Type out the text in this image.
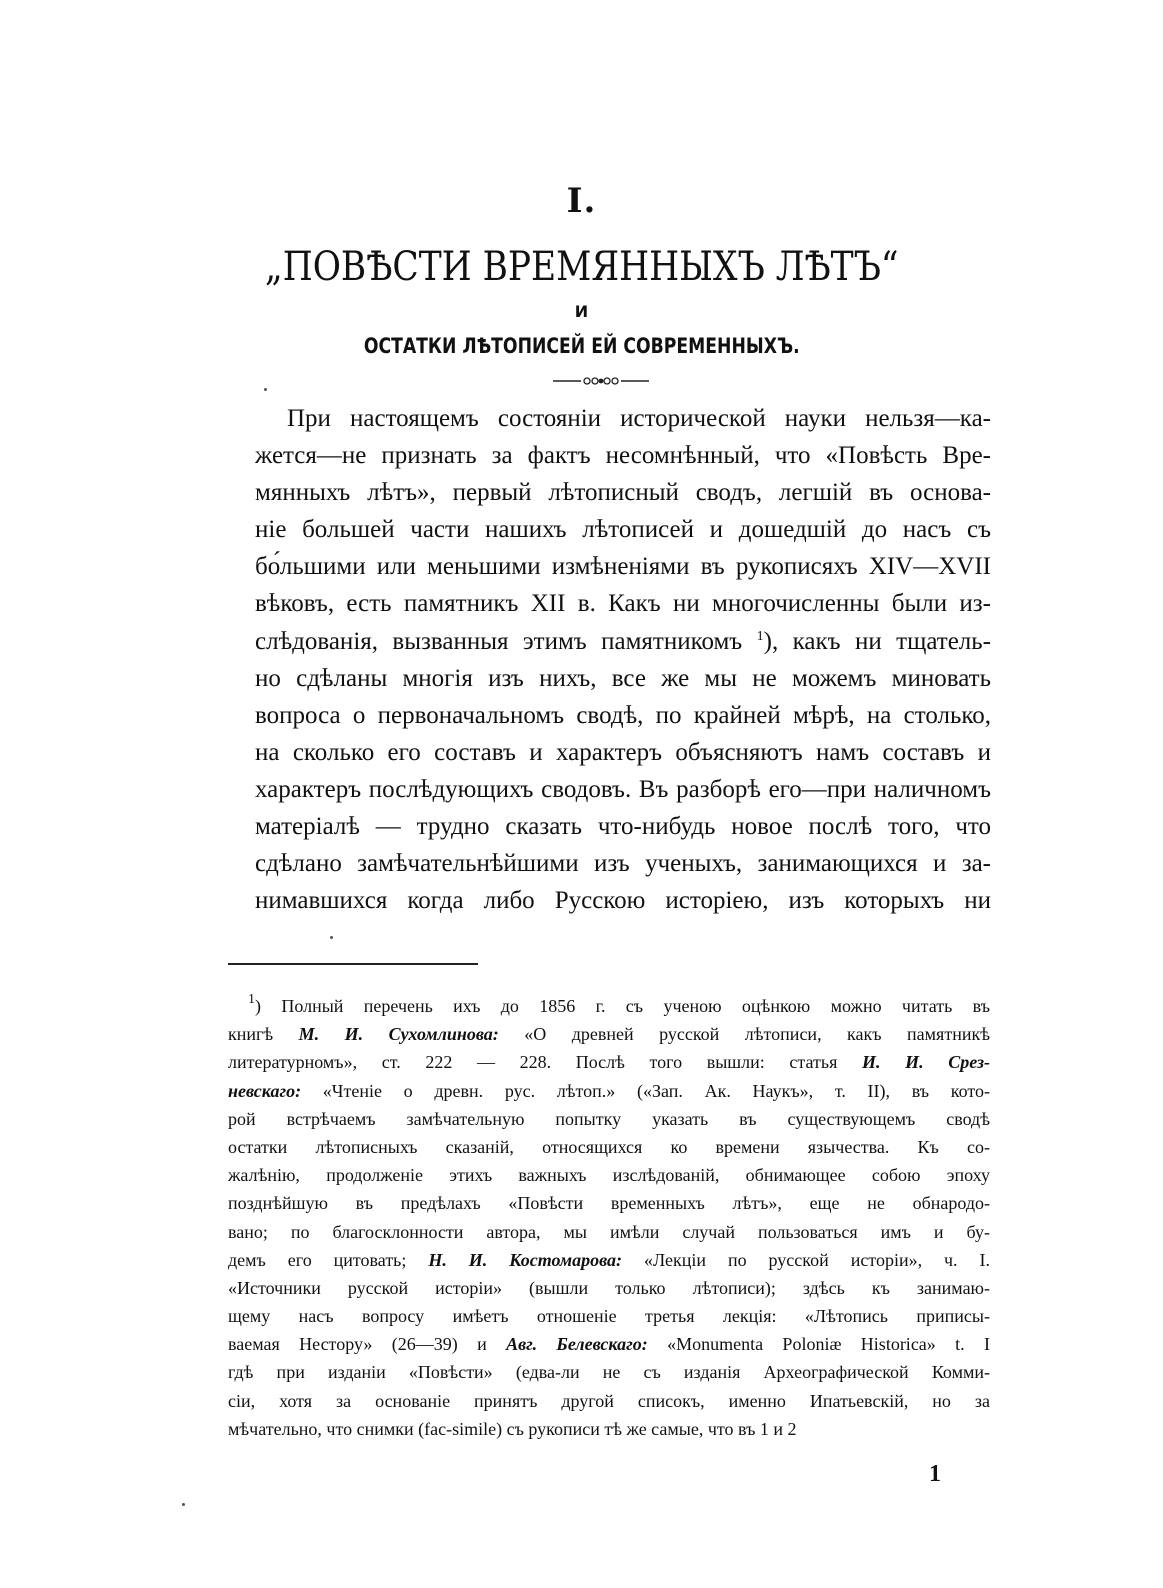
I.
„ПОВѢСТИ ВРЕМЯННЫХЪ ЛѢТЪ“
И
ОСТАТКИ ЛѢТОПИСЕЙ ЕЙ СОВРЕМЕННЫХЪ.
При настоящемъ состояніи исторической науки нельзя—ка-
жется—не признать за фактъ несомнѣнный, что «Повѣсть Вре-
мянныхъ лѣтъ», первый лѣтописный сводъ, легшій въ основа-
ніе большей части нашихъ лѣтописей и дошедшій до насъ съ
бо́льшими или меньшими измѣненіями въ рукописяхъ XIV—XVII
вѣковъ, есть памятникъ XII в. Какъ ни многочисленны были из-
слѣдованія, вызванныя этимъ памятникомъ $^1$), какъ ни тщатель-
но сдѣланы многія изъ нихъ, все же мы не можемъ миновать
вопроса о первоначальномъ сводѣ, по крайней мѣрѣ, на столько,
на сколько его составъ и характеръ объясняютъ намъ составъ и
характеръ послѣдующихъ сводовъ. Въ разборѣ его—при наличномъ
матеріалѣ — трудно сказать что-нибудь новое послѣ того, что
сдѣлано замѣчательнѣйшими изъ ученыхъ, занимающихся и за-
нимавшихся когда либо Русскою исторіею, изъ которыхъ ни
$^1$) Полный перечень ихъ до 1856 г. съ ученою оцѣнкою можно читать въ
книгѣ М. И. Сухомлинова: «О древней русской лѣтописи, какъ памятникѣ
литературномъ», ст. 222 — 228. Послѣ того вышли: статья И. И. Срез-
невскаго: «Чтеніе о древн. рус. лѣтоп.» («Зап. Ак. Наукъ», т. II), въ кото-
рой встрѣчаемъ замѣчательную попытку указать въ существующемъ сводѣ
остатки лѣтописныхъ сказаній, относящихся ко времени язычества. Къ со-
жалѣнію, продолженіе этихъ важныхъ изслѣдованій, обнимающее собою эпоху
позднѣйшую въ предѣлахъ «Повѣсти временныхъ лѣтъ», еще не обнародо-
вано; по благосклонности автора, мы имѣли случай пользоваться имъ и бу-
демъ его цитовать; Н. И. Костомарова: «Лекціи по русской исторіи», ч. I.
«Источники русской исторіи» (вышли только лѣтописи); здѣсь къ занимаю-
щему насъ вопросу имѣетъ отношеніе третья лекція: «Лѣтопись приписы-
ваемая Нестору» (26—39) и Авг. Белевскаго: «Monumenta Poloniæ Historica» t. I
гдѣ при изданіи «Повѣсти» (едва-ли не съ изданія Археографической Комми-
сіи, хотя за основаніе принятъ другой списокъ, именно Ипатьевскій, но за
мѣчательно, что снимки (fac-simile) съ рукописи тѣ же самые, что въ 1 и 2
1
